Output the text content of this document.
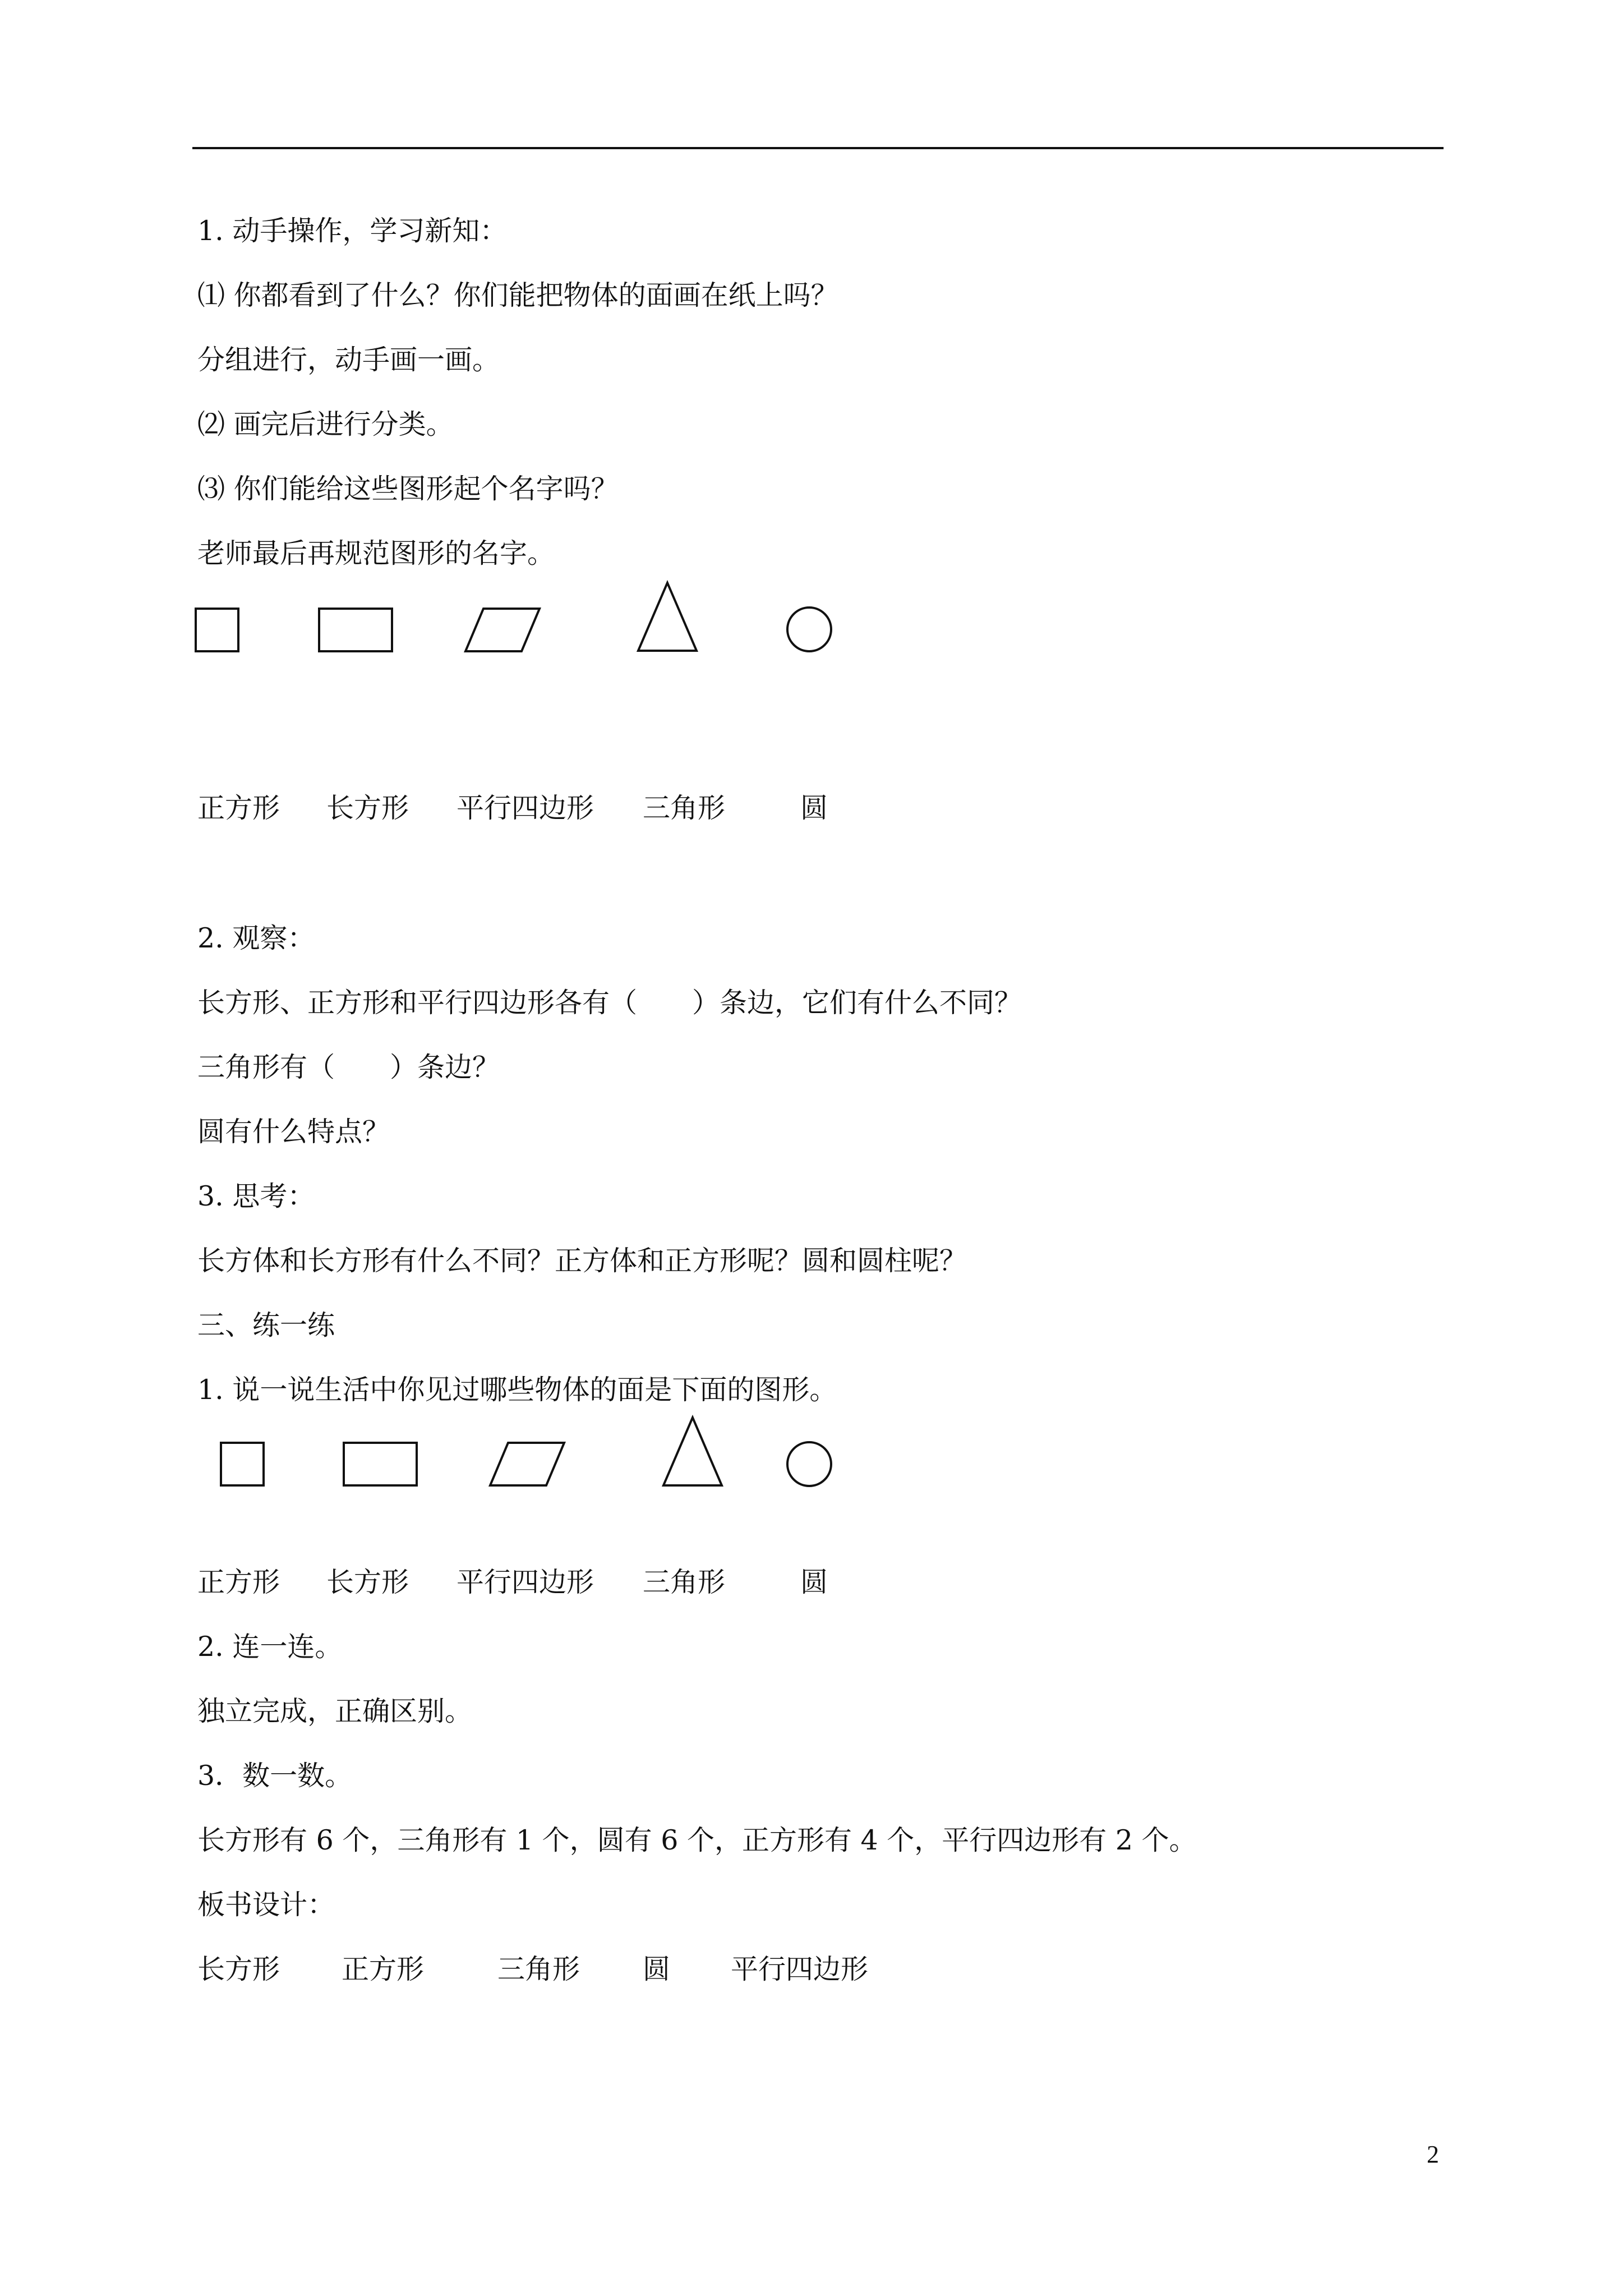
1. 动手操作，学习新知：
⑴ 你都看到了什么？你们能把物体的面画在纸上吗？
分组进行，动手画一画。
⑵ 画完后进行分类。
⑶ 你们能给这些图形起个名字吗？
老师最后再规范图形的名字。
正方形 长方形 平行四边形 三角形	圆
2. 观察：
长方形、正方形和平行四边形各有（　　）条边，它们有什么不同？
三角形有（　　）条边？
圆有什么特点？
3. 思考：
长方体和长方形有什么不同？正方体和正方形呢？圆和圆柱呢？
三、练一练
1. 说一说生活中你见过哪些物体的面是下面的图形。
正方形 长方形 平行四边形 三角形	圆
2. 连一连。
独立完成，正确区别。
3．数一数。
长方形有 6 个，三角形有 1 个，圆有 6 个，正方形有 4 个，平行四边形有 2 个。
板书设计：
长方形 正方形	三角形 圆 平行四边形
2
